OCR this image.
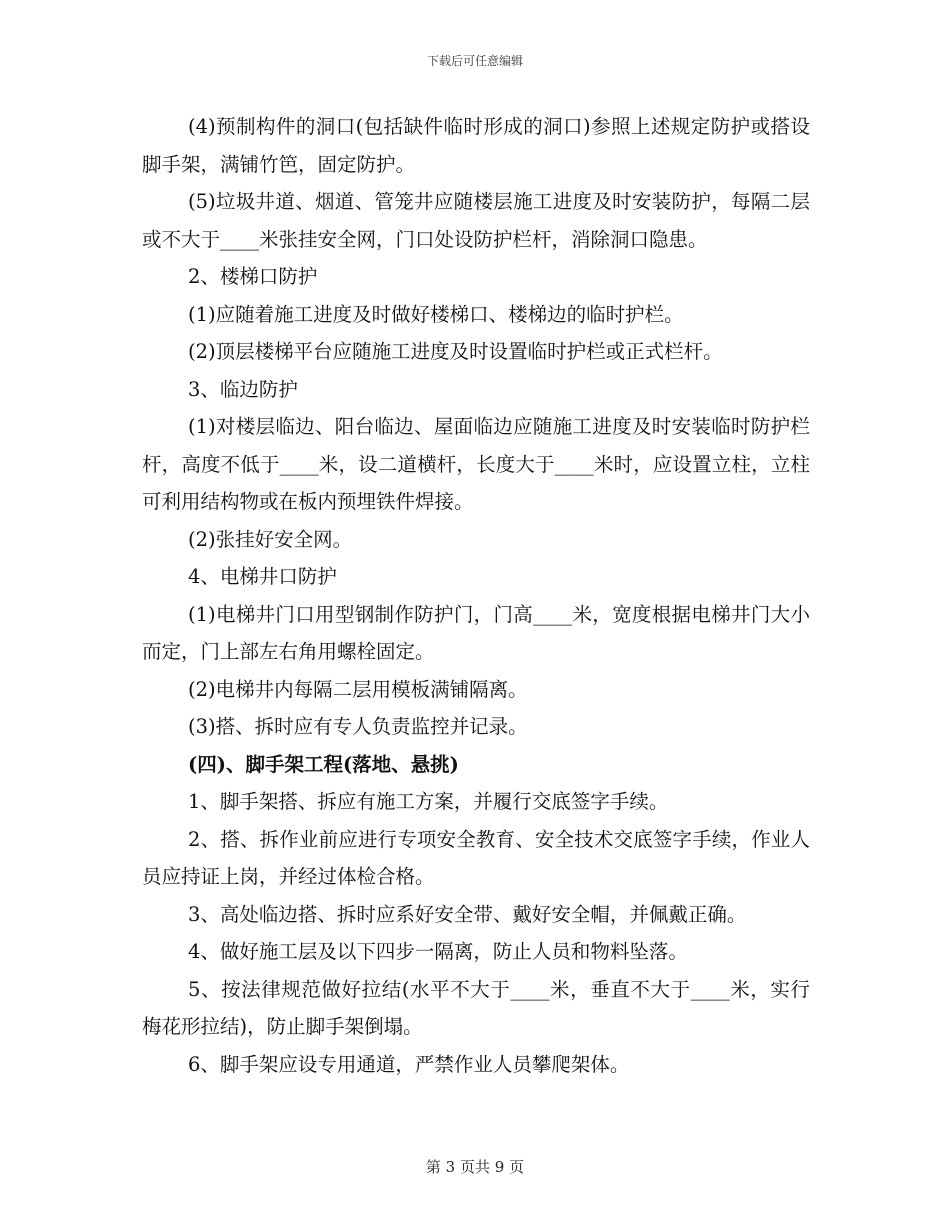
下载后可任意编辑

(4)预制构件的洞口(包括缺件临时形成的洞口)参照上述规定防护或搭设脚手架，满铺竹笆，固定防护。

(5)垃圾井道、烟道、管笼井应随楼层施工进度及时安装防护，每隔二层或不大于____米张挂安全网，门口处设防护栏杆，消除洞口隐患。

2、楼梯口防护

(1)应随着施工进度及时做好楼梯口、楼梯边的临时护栏。

(2)顶层楼梯平台应随施工进度及时设置临时护栏或正式栏杆。

3、临边防护

(1)对楼层临边、阳台临边、屋面临边应随施工进度及时安装临时防护栏杆，高度不低于____米，设二道横杆，长度大于____米时，应设置立柱，立柱可利用结构物或在板内预埋铁件焊接。

(2)张挂好安全网。

4、电梯井口防护

(1)电梯井门口用型钢制作防护门，门高____米，宽度根据电梯井门大小而定，门上部左右角用螺栓固定。

(2)电梯井内每隔二层用模板满铺隔离。

(3)搭、拆时应有专人负责监控并记录。

(四)、脚手架工程(落地、悬挑)

1、脚手架搭、拆应有施工方案，并履行交底签字手续。

2、搭、拆作业前应进行专项安全教育、安全技术交底签字手续，作业人员应持证上岗，并经过体检合格。

3、高处临边搭、拆时应系好安全带、戴好安全帽，并佩戴正确。

4、做好施工层及以下四步一隔离，防止人员和物料坠落。

5、按法律规范做好拉结(水平不大于____米，垂直不大于____米，实行梅花形拉结)，防止脚手架倒塌。

6、脚手架应设专用通道，严禁作业人员攀爬架体。

第 3 页共 9 页
